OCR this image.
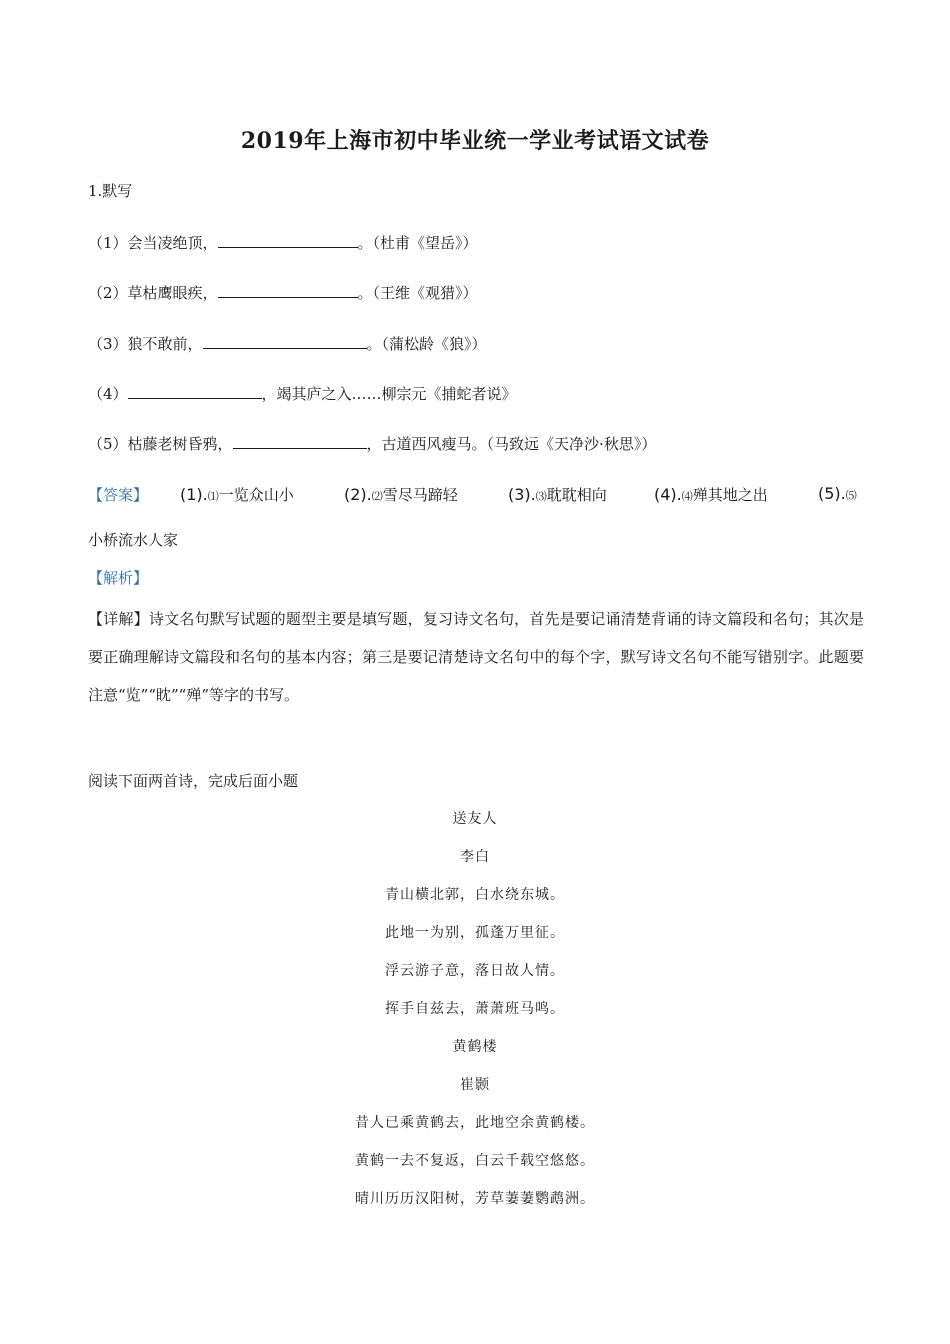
2019年上海市初中毕业统一学业考试语文试卷
1.默写
（1）会当凌绝顶，	。（杜甫《望岳》）
（2）草枯鹰眼疾，	。（王维《观猎》）
（3）狼不敢前，	。（蒲松龄《狼》）
（4）	，竭其庐之入……柳宗元《捕蛇者说》
（5）枯藤老树昏鸦，	，古道西风瘦马。（马致远《天净沙·秋思》）
【答案】 (1).⑴一览众山小	(2).⑵雪尽马蹄轻	(3).⑶耽耽相向	(4).⑷殚其地之出	(5).⑸
小桥流水人家
【解析】
【详解】诗文名句默写试题的题型主要是填写题，复习诗文名句，首先是要记诵清楚背诵的诗文篇段和名句；其次是要正确理解诗文篇段和名句的基本内容；第三是要记清楚诗文名句中的每个字，默写诗文名句不能写错别字。此题要注意“览”“眈”“殚”等字的书写。
阅读下面两首诗，完成后面小题
送友人
李白
青山横北郭，白水绕东城。
此地一为别，孤蓬万里征。
浮云游子意，落日故人情。
挥手自兹去，萧萧班马鸣。
黄鹤楼
崔颢
昔人已乘黄鹤去，此地空余黄鹤楼。
黄鹤一去不复返，白云千载空悠悠。
晴川历历汉阳树，芳草萋萋鹦鹉洲。
